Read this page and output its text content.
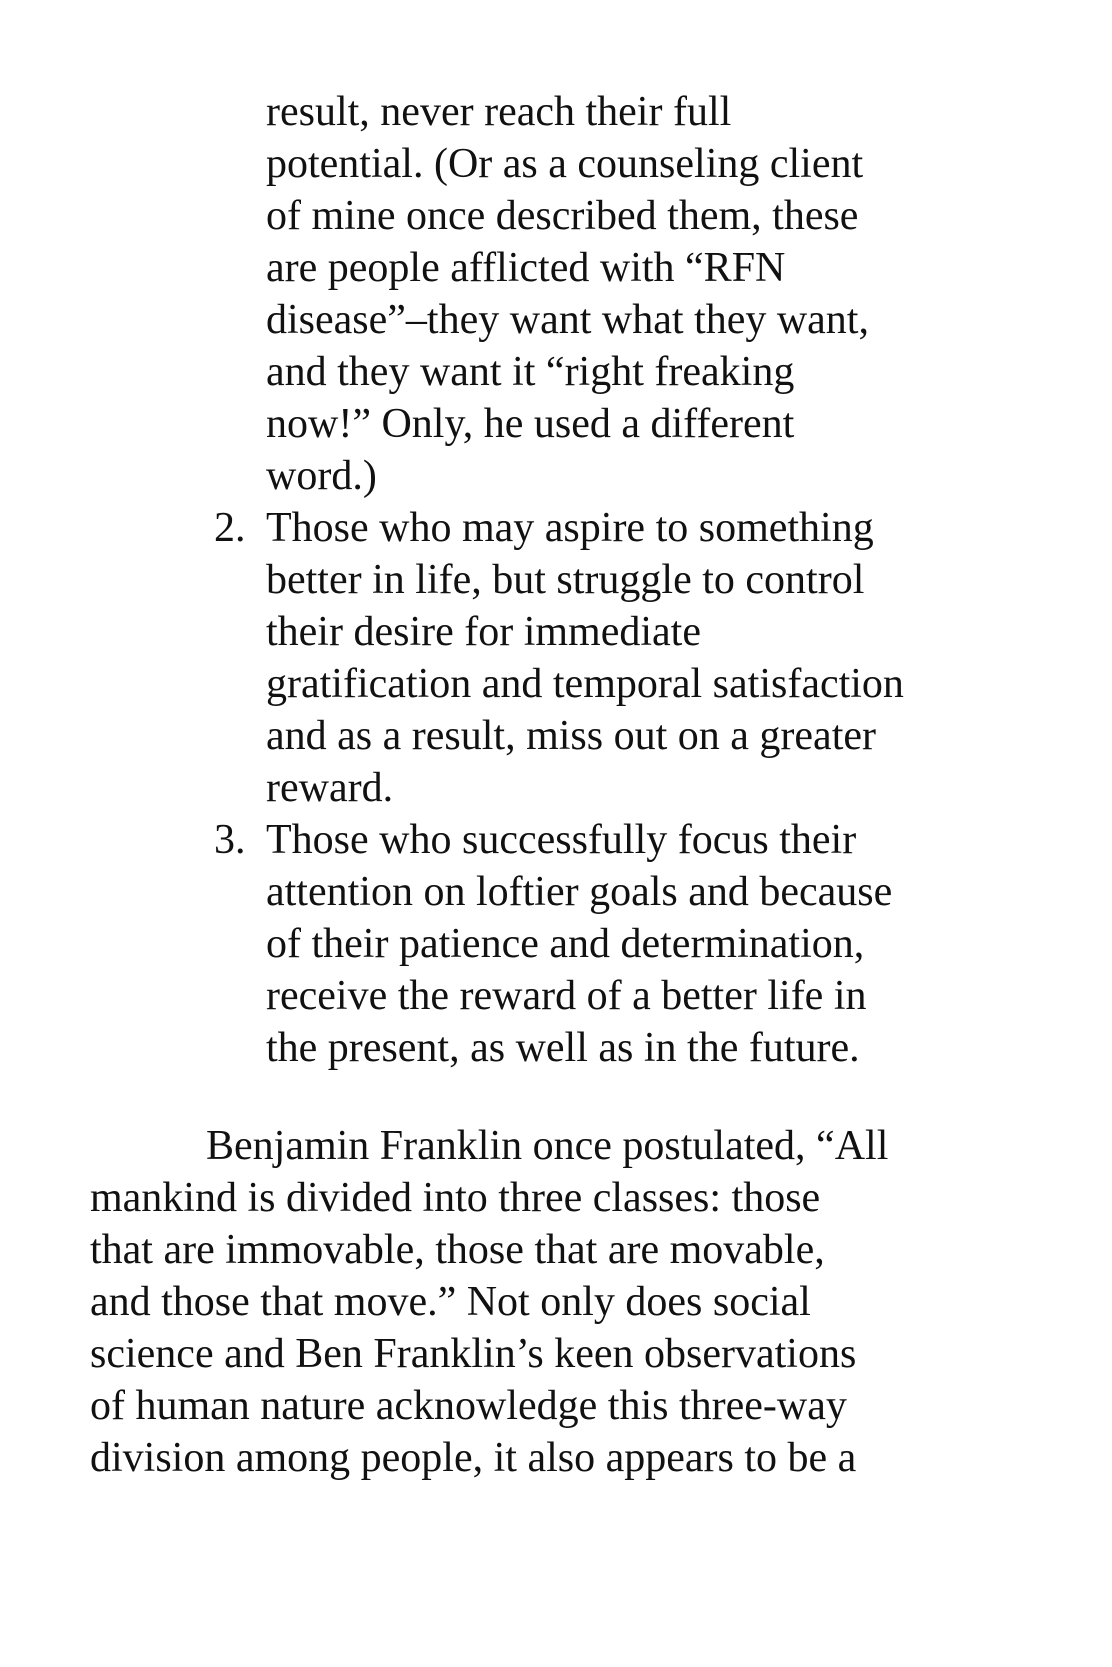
result, never reach their full

potential. (Or as a counseling client

of mine once described them, these

are people afflicted with “RFN

disease”–they want what they want,

and they want it “right freaking

now!” Only, he used a different

word.)

2. Those who may aspire to something

better in life, but struggle to control

their desire for immediate

gratification and temporal satisfaction

and as a result, miss out on a greater

reward.

3. Those who successfully focus their

attention on loftier goals and because

of their patience and determination,

receive the reward of a better life in

the present, as well as in the future.

Benjamin Franklin once postulated, “All

mankind is divided into three classes: those

that are immovable, those that are movable,

and those that move.” Not only does social

science and Ben Franklin’s keen observations

of human nature acknowledge this three-way

division among people, it also appears to be a
